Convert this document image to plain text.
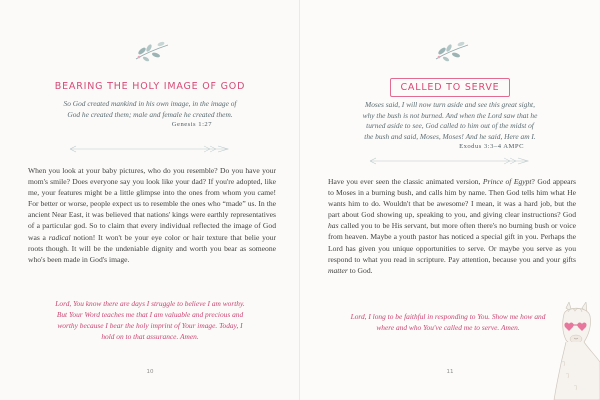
BEARING THE HOLY IMAGE OF GOD
So God created mankind in his own image, in the image of
God he created them; male and female he created them.
Genesis 1:27
When you look at your baby pictures, who do you resemble? Do you have your mom's smile? Does everyone say you look like your dad? If you're adopted, like me, your features might be a little glimpse into the ones from whom you came! For better or worse, people expect us to resemble the ones who “made” us. In the ancient Near East, it was believed that nations' kings were earthly representatives of a particular god. So to claim that every individual reflected the image of God was a radical notion! It won't be your eye color or hair texture that belie your roots though. It will be the undeniable dignity and worth you bear as someone who's been made in God's image.
Lord, You know there are days I struggle to believe I am worthy. But Your Word teaches me that I am valuable and precious and worthy because I bear the holy imprint of Your image. Today, I hold on to that assurance. Amen.
10
CALLED TO SERVE
Moses said, I will now turn aside and see this great sight,
why the bush is not burned. And when the Lord saw that he
turned aside to see, God called to him out of the midst of
the bush and said, Moses, Moses! And he said, Here am I.
Exodus 3:3–4 AMPC
Have you ever seen the classic animated version, Prince of Egypt? God appears to Moses in a burning bush, and calls him by name. Then God tells him what He wants him to do. Wouldn't that be awesome? I mean, it was a hard job, but the part about God showing up, speaking to you, and giving clear instructions? God has called you to be His servant, but more often there's no burning bush or voice from heaven. Maybe a youth pastor has noticed a special gift in you. Perhaps the Lord has given you unique opportunities to serve. Or maybe you serve as you respond to what you read in scripture. Pay attention, because you and your gifts matter to God.
Lord, I long to be faithful in responding to You. Show me how and where and who You've called me to serve. Amen.
11
